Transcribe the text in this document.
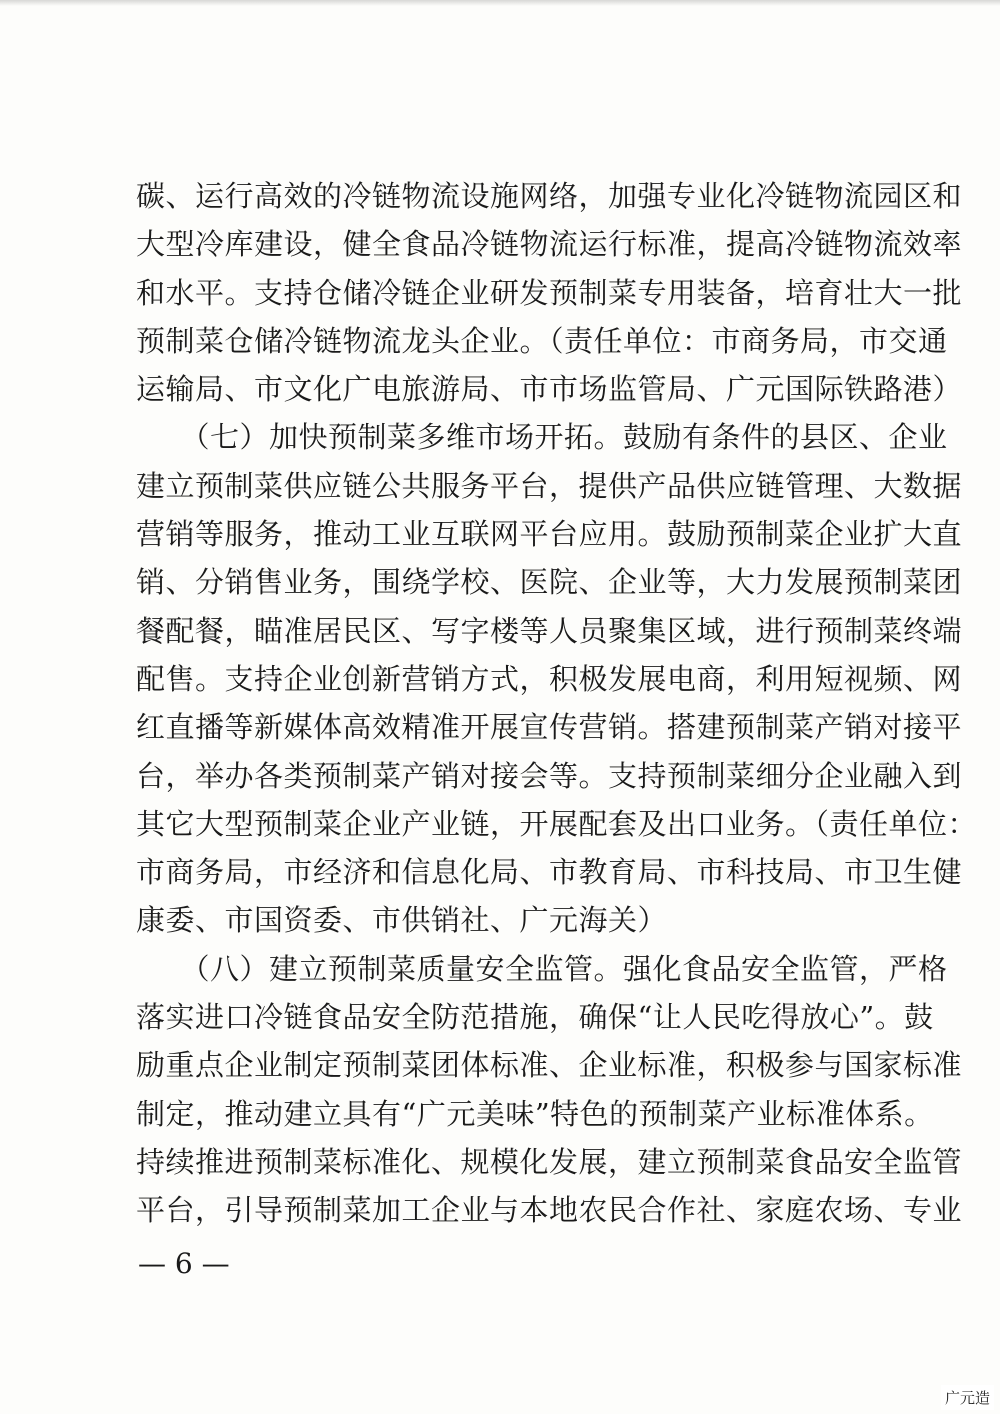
碳、运行高效的冷链物流设施网络，加强专业化冷链物流园区和
大型冷库建设，健全食品冷链物流运行标准，提高冷链物流效率
和水平。支持仓储冷链企业研发预制菜专用装备，培育壮大一批
预制菜仓储冷链物流龙头企业。（责任单位：市商务局，市交通
运输局、市文化广电旅游局、市市场监管局、广元国际铁路港）
　　（七）加快预制菜多维市场开拓。鼓励有条件的县区、企业
建立预制菜供应链公共服务平台，提供产品供应链管理、大数据
营销等服务，推动工业互联网平台应用。鼓励预制菜企业扩大直
销、分销售业务，围绕学校、医院、企业等，大力发展预制菜团
餐配餐，瞄准居民区、写字楼等人员聚集区域，进行预制菜终端
配售。支持企业创新营销方式，积极发展电商，利用短视频、网
红直播等新媒体高效精准开展宣传营销。搭建预制菜产销对接平
台，举办各类预制菜产销对接会等。支持预制菜细分企业融入到
其它大型预制菜企业产业链，开展配套及出口业务。（责任单位：
市商务局，市经济和信息化局、市教育局、市科技局、市卫生健
康委、市国资委、市供销社、广元海关）
　　（八）建立预制菜质量安全监管。强化食品安全监管，严格
落实进口冷链食品安全防范措施，确保“让人民吃得放心”。鼓
励重点企业制定预制菜团体标准、企业标准，积极参与国家标准
制定，推动建立具有“广元美味”特色的预制菜产业标准体系。
持续推进预制菜标准化、规模化发展，建立预制菜食品安全监管
平台，引导预制菜加工企业与本地农民合作社、家庭农场、专业
— 6 —
广元造
